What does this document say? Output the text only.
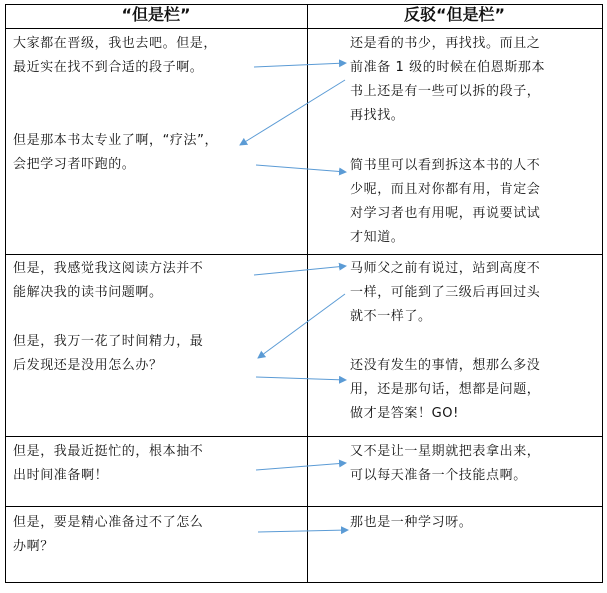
“但是栏”	反驳“但是栏”

大家都在晋级，我也去吧。但是，

最近实在找不到合适的段子啊。

但是那本书太专业了啊，“疗法”，

会把学习者吓跑的。

还是看的书少，再找找。而且之

前准备 1 级的时候在伯恩斯那本

书上还是有一些可以拆的段子，

再找找。

简书里可以看到拆这本书的人不

少呢，而且对你都有用，肯定会

对学习者也有用呢，再说要试试

才知道。

但是，我感觉我这阅读方法并不

能解决我的读书问题啊。

但是，我万一花了时间精力，最

后发现还是没用怎么办？

马师父之前有说过，站到高度不

一样，可能到了三级后再回过头

就不一样了。

还没有发生的事情，想那么多没

用，还是那句话，想都是问题，

做才是答案！GO!

但是，我最近挺忙的，根本抽不

出时间准备啊！

又不是让一星期就把表拿出来，

可以每天准备一个技能点啊。

但是，要是精心准备过不了怎么

办啊？

那也是一种学习呀。
